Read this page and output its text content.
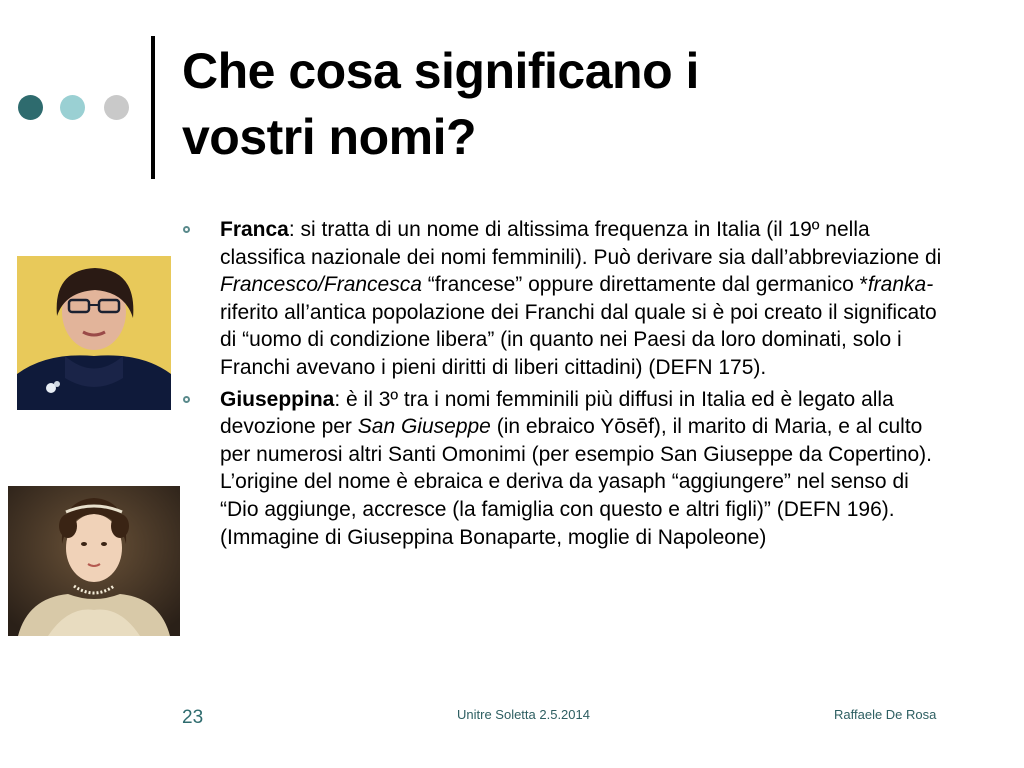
Che cosa significano i
vostri nomi?
Franca: si tratta di un nome di altissima frequenza in Italia (il 19º nella classifica nazionale dei nomi femminili). Può derivare sia dall’abbreviazione di Francesco/Francesca “francese” oppure direttamente dal germanico *franka- riferito all’antica popolazione dei Franchi dal quale si è poi creato il significato di “uomo di condizione libera” (in quanto nei Paesi da loro dominati, solo i Franchi avevano i pieni diritti di liberi cittadini) (DEFN 175).
Giuseppina: è il 3º tra i nomi femminili più diffusi in Italia ed è legato alla devozione per San Giuseppe (in ebraico Yōsēf), il marito di Maria, e al culto per numerosi altri Santi Omonimi (per esempio San Giuseppe da Copertino). L’origine del nome è ebraica e deriva da yasaph “aggiungere” nel senso di “Dio aggiunge, accresce (la famiglia con questo e altri figli)” (DEFN 196). (Immagine di Giuseppina Bonaparte, moglie di Napoleone)
23	Unitre Soletta 2.5.2014	Raffaele De Rosa
